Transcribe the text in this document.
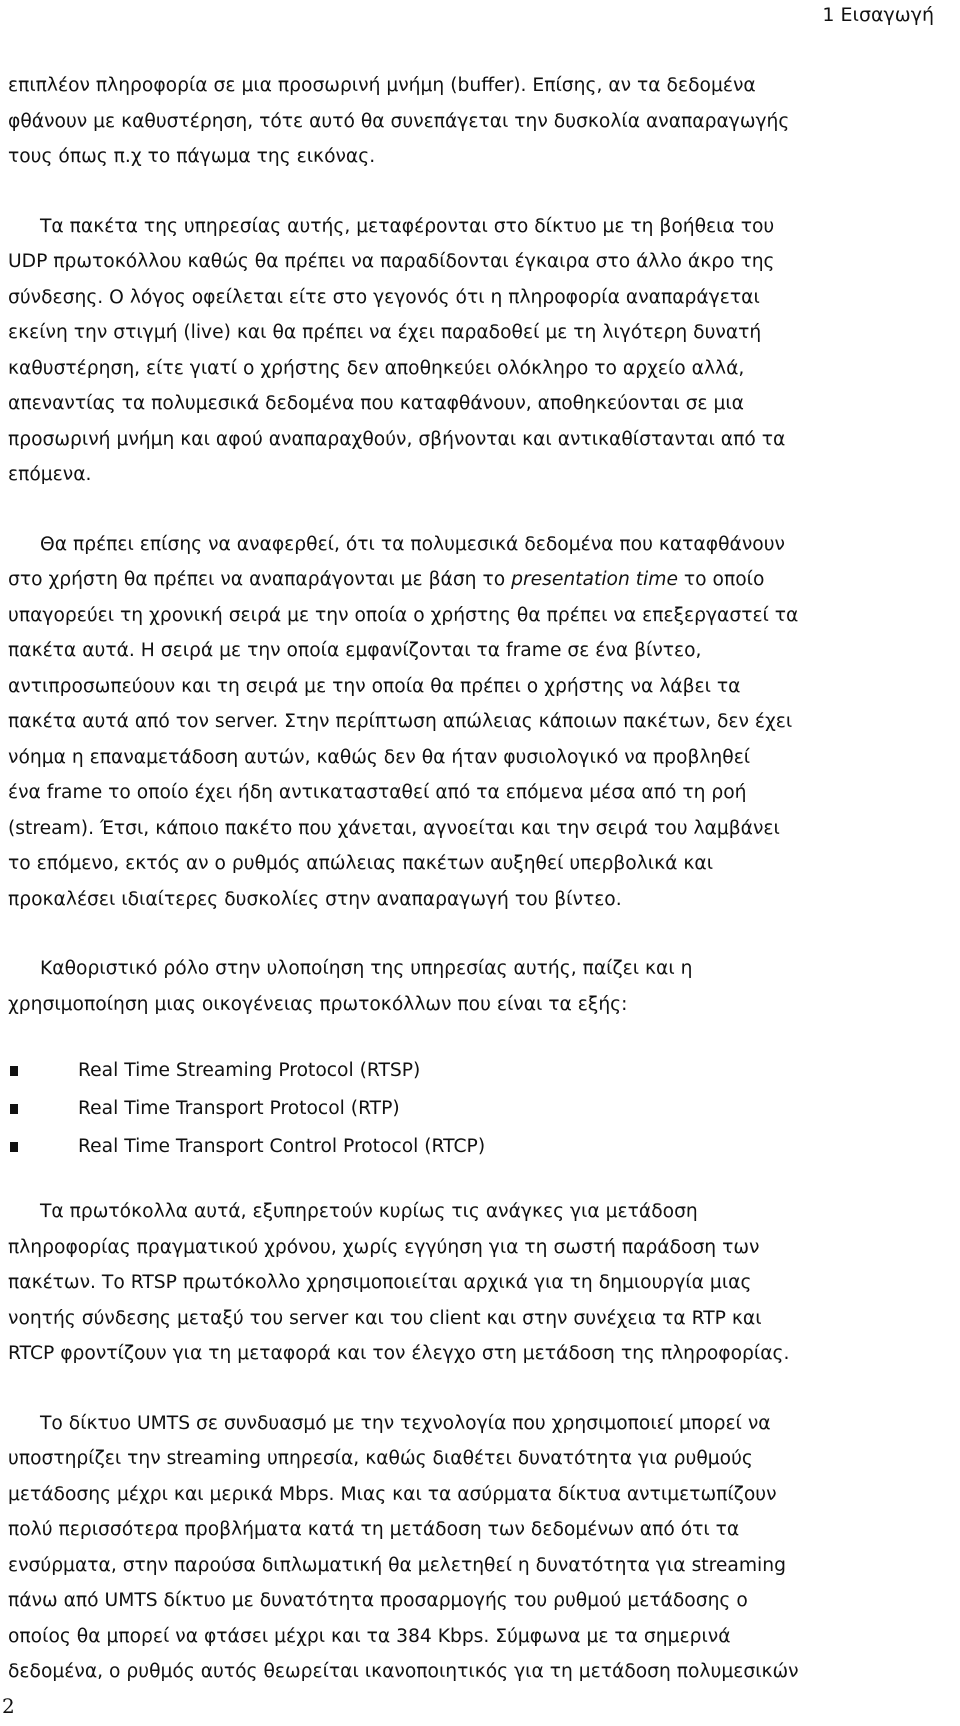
1 Εισαγωγή
επιπλέον πληροφορία σε μια προσωρινή μνήμη (buffer). Επίσης, αν τα δεδομένα
φθάνουν με καθυστέρηση, τότε αυτό θα συνεπάγεται την δυσκολία αναπαραγωγής
τους όπως π.χ το πάγωμα της εικόνας.
Τα πακέτα της υπηρεσίας αυτής, μεταφέρονται στο δίκτυο με τη βοήθεια του
UDP πρωτοκόλλου καθώς θα πρέπει να παραδίδονται έγκαιρα στο άλλο άκρο της
σύνδεσης. Ο λόγος οφείλεται είτε στο γεγονός ότι η πληροφορία αναπαράγεται
εκείνη την στιγμή (live) και θα πρέπει να έχει παραδοθεί με τη λιγότερη δυνατή
καθυστέρηση, είτε γιατί ο χρήστης δεν αποθηκεύει ολόκληρο το αρχείο αλλά,
απεναντίας τα πολυμεσικά δεδομένα που καταφθάνουν, αποθηκεύονται σε μια
προσωρινή μνήμη και αφού αναπαραχθούν, σβήνονται και αντικαθίστανται από τα
επόμενα.
Θα πρέπει επίσης να αναφερθεί, ότι τα πολυμεσικά δεδομένα που καταφθάνουν
στο χρήστη θα πρέπει να αναπαράγονται με βάση το presentation time το οποίο
υπαγορεύει τη χρονική σειρά με την οποία ο χρήστης θα πρέπει να επεξεργαστεί τα
πακέτα αυτά. Η σειρά με την οποία εμφανίζονται τα frame σε ένα βίντεο,
αντιπροσωπεύουν και τη σειρά με την οποία θα πρέπει ο χρήστης να λάβει τα
πακέτα αυτά από τον server. Στην περίπτωση απώλειας κάποιων πακέτων, δεν έχει
νόημα η επαναμετάδοση αυτών, καθώς δεν θα ήταν φυσιολογικό να προβληθεί
ένα frame το οποίο έχει ήδη αντικατασταθεί από τα επόμενα μέσα από τη ροή
(stream). Έτσι, κάποιο πακέτο που χάνεται, αγνοείται και την σειρά του λαμβάνει
το επόμενο, εκτός αν ο ρυθμός απώλειας πακέτων αυξηθεί υπερβολικά και
προκαλέσει ιδιαίτερες δυσκολίες στην αναπαραγωγή του βίντεο.
Καθοριστικό ρόλο στην υλοποίηση της υπηρεσίας αυτής, παίζει και η
χρησιμοποίηση μιας οικογένειας πρωτοκόλλων που είναι τα εξής:
Real Time Streaming Protocol (RTSP)
Real Time Transport Protocol (RTP)
Real Time Transport Control Protocol (RTCP)
Τα πρωτόκολλα αυτά, εξυπηρετούν κυρίως τις ανάγκες για μετάδοση
πληροφορίας πραγματικού χρόνου, χωρίς εγγύηση για τη σωστή παράδοση των
πακέτων. Το RTSP πρωτόκολλο χρησιμοποιείται αρχικά για τη δημιουργία μιας
νοητής σύνδεσης μεταξύ του server και του client και στην συνέχεια τα RTP και
RTCP φροντίζουν για τη μεταφορά και τον έλεγχο στη μετάδοση της πληροφορίας.
Το δίκτυο UMTS σε συνδυασμό με την τεχνολογία που χρησιμοποιεί μπορεί να
υποστηρίζει την streaming υπηρεσία, καθώς διαθέτει δυνατότητα για ρυθμούς
μετάδοσης μέχρι και μερικά Mbps. Μιας και τα ασύρματα δίκτυα αντιμετωπίζουν
πολύ περισσότερα προβλήματα κατά τη μετάδοση των δεδομένων από ότι τα
ενσύρματα, στην παρούσα διπλωματική θα μελετηθεί η δυνατότητα για streaming
πάνω από UMTS δίκτυο με δυνατότητα προσαρμογής του ρυθμού μετάδοσης ο
οποίος θα μπορεί να φτάσει μέχρι και τα 384 Kbps. Σύμφωνα με τα σημερινά
δεδομένα, ο ρυθμός αυτός θεωρείται ικανοποιητικός για τη μετάδοση πολυμεσικών
2
